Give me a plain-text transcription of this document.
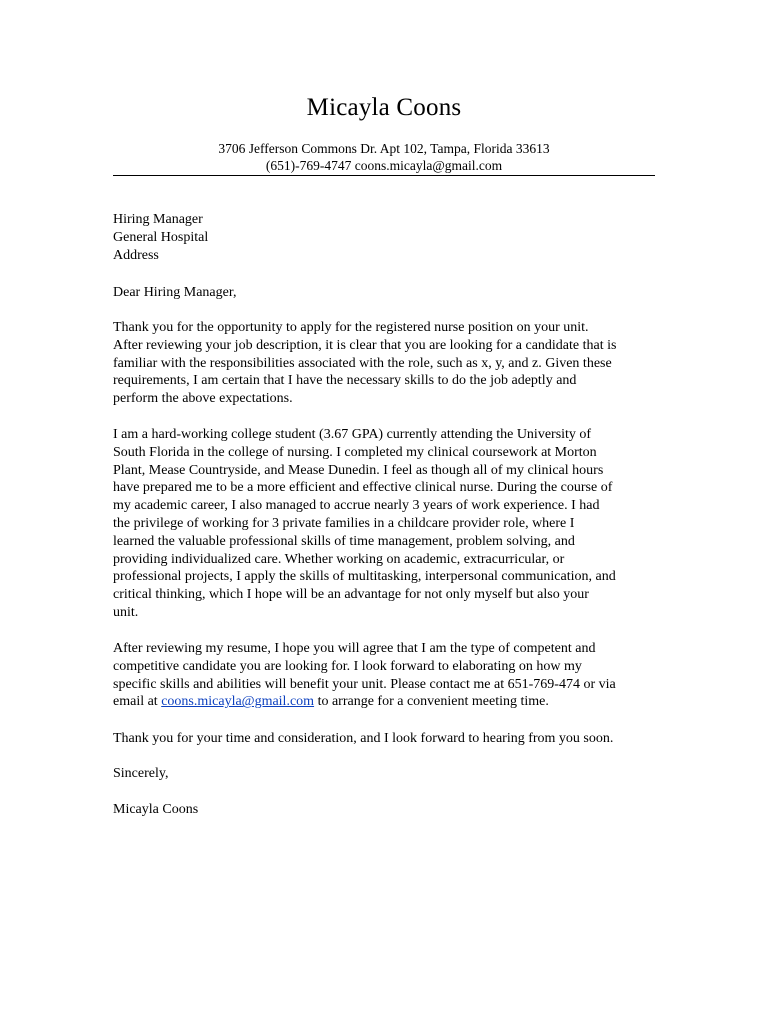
Micayla Coons
3706 Jefferson Commons Dr. Apt 102, Tampa, Florida 33613
(651)-769-4747 coons.micayla@gmail.com
Hiring Manager
General Hospital
Address
Dear Hiring Manager,
Thank you for the opportunity to apply for the registered nurse position on your unit.
After reviewing your job description, it is clear that you are looking for a candidate that is
familiar with the responsibilities associated with the role, such as x, y, and z. Given these
requirements, I am certain that I have the necessary skills to do the job adeptly and
perform the above expectations.
I am a hard-working college student (3.67 GPA) currently attending the University of
South Florida in the college of nursing. I completed my clinical coursework at Morton
Plant, Mease Countryside, and Mease Dunedin. I feel as though all of my clinical hours
have prepared me to be a more efficient and effective clinical nurse. During the course of
my academic career, I also managed to accrue nearly 3 years of work experience. I had
the privilege of working for 3 private families in a childcare provider role, where I
learned the valuable professional skills of time management, problem solving, and
providing individualized care. Whether working on academic, extracurricular, or
professional projects, I apply the skills of multitasking, interpersonal communication, and
critical thinking, which I hope will be an advantage for not only myself but also your
unit.
After reviewing my resume, I hope you will agree that I am the type of competent and
competitive candidate you are looking for. I look forward to elaborating on how my
specific skills and abilities will benefit your unit. Please contact me at 651-769-474 or via
email at coons.micayla@gmail.com to arrange for a convenient meeting time.
Thank you for your time and consideration, and I look forward to hearing from you soon.
Sincerely,
Micayla Coons
